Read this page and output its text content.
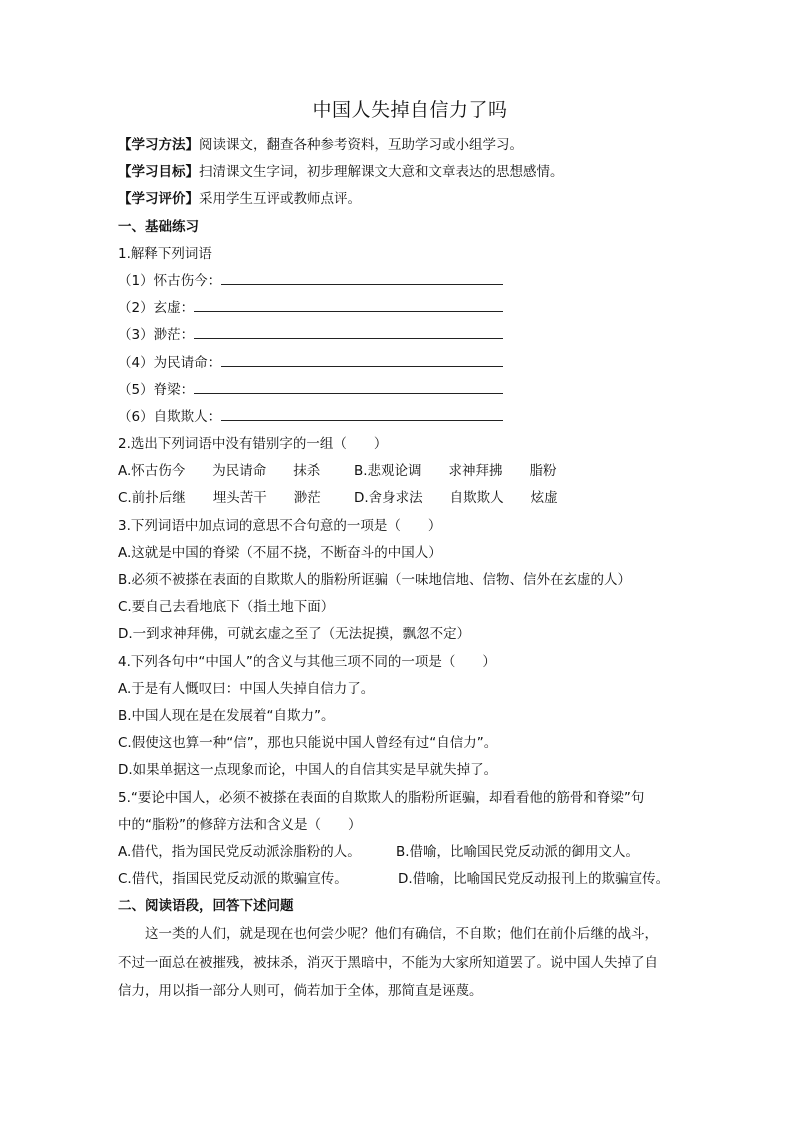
中国人失掉自信力了吗
【学习方法】阅读课文，翻查各种参考资料，互助学习或小组学习。
【学习目标】扫清课文生字词，初步理解课文大意和文章表达的思想感情。
【学习评价】采用学生互评或教师点评。
一、基础练习
1.解释下列词语
（1）怀古伤今：
（2）玄虚：
（3）渺茫：
（4）为民请命：
（5）脊梁：
（6）自欺欺人：
2.选出下列词语中没有错别字的一组（　　）
A.怀古伤今　　为民请命　　抹杀 B.悲观论调　　求神拜拂　　脂粉
C.前扑后继　　埋头苦干　　渺茫 D.舍身求法　　自欺欺人　　炫虚
3.下列词语中加点词的意思不合句意的一项是（　　）
A.这就是中国的脊梁（不屈不挠，不断奋斗的中国人）
B.必须不被搽在表面的自欺欺人的脂粉所诓骗（一味地信地、信物、信外在玄虚的人）
C.要自己去看地底下（指土地下面）
D.一到求神拜佛，可就玄虚之至了（无法捉摸，飘忽不定）
4.下列各句中“中国人”的含义与其他三项不同的一项是（　　）
A.于是有人慨叹曰：中国人失掉自信力了。
B.中国人现在是在发展着“自欺力”。
C.假使这也算一种“信”，那也只能说中国人曾经有过“自信力”。
D.如果单据这一点现象而论，中国人的自信其实是早就失掉了。
5.“要论中国人，必须不被搽在表面的自欺欺人的脂粉所诓骗，却看看他的筋骨和脊梁”句
中的“脂粉”的修辞方法和含义是（　　）
A.借代，指为国民党反动派涂脂粉的人。	B.借喻，比喻国民党反动派的御用文人。
C.借代，指国民党反动派的欺骗宣传。	D.借喻，比喻国民党反动报刊上的欺骗宣传。
二、阅读语段，回答下述问题
这一类的人们，就是现在也何尝少呢？他们有确信，不自欺；他们在前仆后继的战斗，
不过一面总在被摧残，被抹杀，消灭于黑暗中，不能为大家所知道罢了。说中国人失掉了自
信力，用以指一部分人则可，倘若加于全体，那简直是诬蔑。
